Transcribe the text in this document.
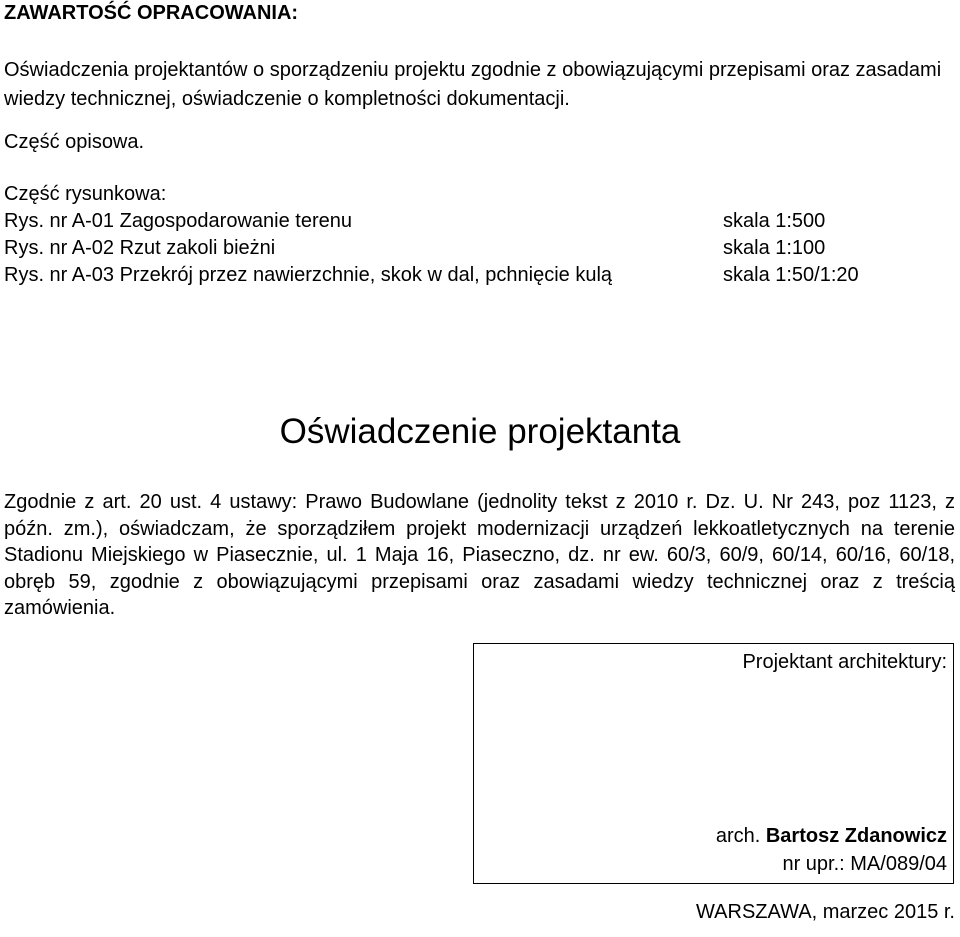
ZAWARTOŚĆ OPRACOWANIA:
Oświadczenia projektantów o sporządzeniu projektu zgodnie z obowiązującymi przepisami oraz zasadami wiedzy technicznej, oświadczenie o kompletności dokumentacji.
Część opisowa.
Część rysunkowa:
Rys. nr A-01 Zagospodarowanie terenu	skala 1:500
Rys. nr A-02 Rzut zakoli bieżni	skala 1:100
Rys. nr A-03 Przekrój przez nawierzchnie, skok w dal, pchnięcie kulą	skala 1:50/1:20
Oświadczenie projektanta
Zgodnie z art. 20 ust. 4 ustawy: Prawo Budowlane (jednolity tekst z 2010 r. Dz. U. Nr 243, poz 1123, z późn. zm.), oświadczam, że sporządziłem projekt modernizacji urządzeń lekkoatletycznych na terenie Stadionu Miejskiego w Piasecznie, ul. 1 Maja 16, Piaseczno, dz. nr ew. 60/3, 60/9, 60/14, 60/16, 60/18, obręb 59, zgodnie z obowiązującymi przepisami oraz zasadami wiedzy technicznej oraz z treścią zamówienia.
Projektant architektury:
arch. Bartosz Zdanowicz
nr upr.: MA/089/04
WARSZAWA, marzec 2015 r.
